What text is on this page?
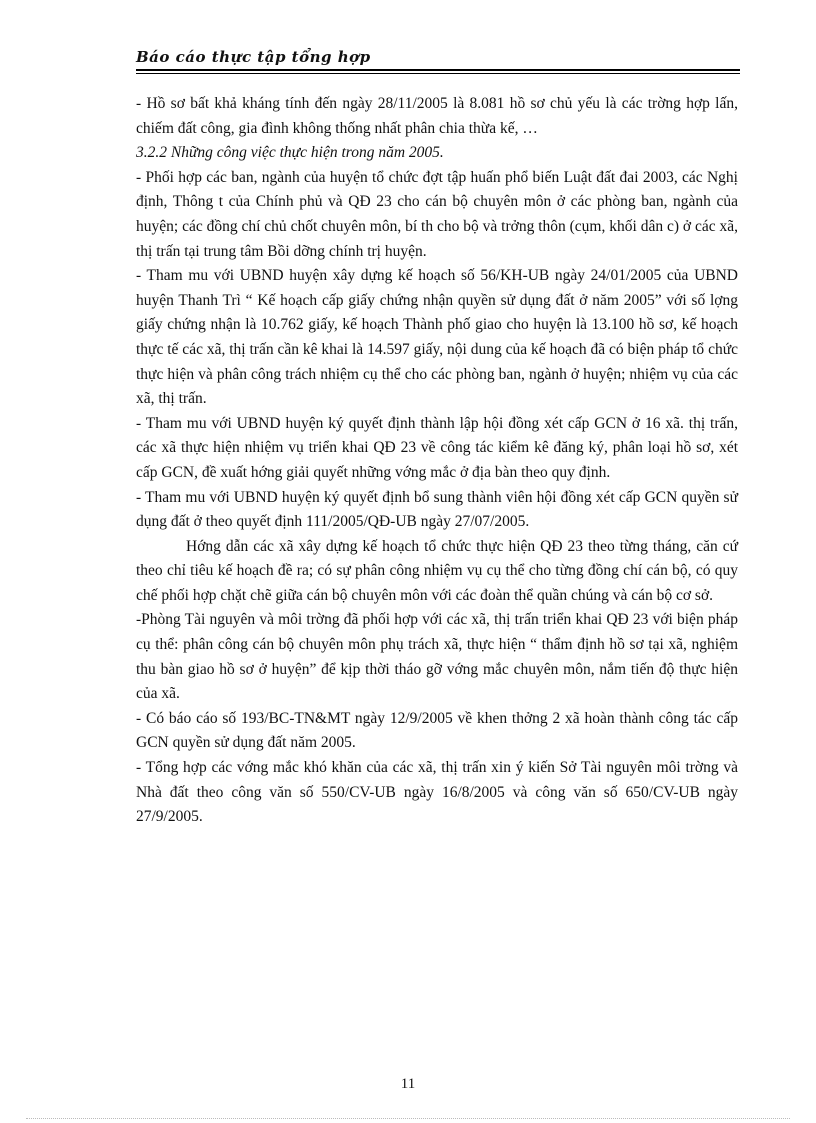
Báo cáo thực tập tổng hợp

- Hồ sơ bất khả kháng tính đến ngày 28/11/2005 là 8.081 hồ sơ chủ yếu là các trờng hợp lấn, chiếm đất công, gia đình không thống nhất phân chia thừa kế, …

3.2.2 Những công việc thực hiện trong năm 2005.

- Phối hợp các ban, ngành của huyện tổ chức đợt tập huấn phổ biến Luật đất đai 2003, các Nghị định, Thông t của Chính phủ và QĐ 23 cho cán bộ chuyên môn ở các phòng ban, ngành của huyện; các đồng chí chủ chốt chuyên môn, bí th cho bộ và trởng thôn (cụm, khối dân c) ở các xã, thị trấn tại trung tâm Bồi dỡng chính trị huyện.

- Tham mu với UBND huyện xây dựng kế hoạch số 56/KH-UB ngày 24/01/2005 của UBND huyện Thanh Trì “ Kế hoạch cấp giấy chứng nhận quyền sử dụng đất ở năm 2005” với số lợng giấy chứng nhận là 10.762 giấy, kế hoạch Thành phố giao cho huyện là 13.100 hồ sơ, kế hoạch thực tế các xã, thị trấn cần kê khai là 14.597 giấy, nội dung của kế hoạch đã có biện pháp tổ chức thực hiện và phân công trách nhiệm cụ thể cho các phòng ban, ngành ở huyện; nhiệm vụ của các xã, thị trấn.

- Tham mu với UBND huyện ký quyết định thành lập hội đồng xét cấp GCN ở 16 xã. thị trấn, các xã thực hiện nhiệm vụ triển khai QĐ 23 về công tác kiểm kê đăng ký, phân loại hồ sơ, xét cấp GCN, đề xuất hớng giải quyết những vớng mắc ở địa bàn theo quy định.

- Tham mu với UBND huyện ký quyết định bổ sung thành viên hội đồng xét cấp GCN quyền sử dụng đất ở theo quyết định 111/2005/QĐ-UB ngày 27/07/2005.

Hớng dẫn các xã xây dựng kế hoạch tổ chức thực hiện QĐ 23 theo từng tháng, căn cứ theo chỉ tiêu kế hoạch đề ra; có sự phân công nhiệm vụ cụ thể cho từng đồng chí cán bộ, có quy chế phối hợp chặt chẽ giữa cán bộ chuyên môn với các đoàn thể quần chúng và cán bộ cơ sở.

-Phòng Tài nguyên và môi trờng đã phối hợp với các xã, thị trấn triển khai QĐ 23 với biện pháp cụ thể: phân công cán bộ chuyên môn phụ trách xã, thực hiện “ thẩm định hồ sơ tại xã, nghiệm thu bàn giao hồ sơ ở huyện” để kịp thời tháo gỡ vớng mắc chuyên môn, nắm tiến độ thực hiện của xã.

- Có báo cáo số 193/BC-TN&MT ngày 12/9/2005 về khen thởng 2 xã hoàn thành công tác cấp GCN quyền sử dụng đất năm 2005.

- Tổng hợp các vớng mắc khó khăn của các xã, thị trấn xin ý kiến Sở Tài nguyên môi trờng và Nhà đất theo công văn số 550/CV-UB ngày 16/8/2005 và công văn số 650/CV-UB ngày 27/9/2005.

11
